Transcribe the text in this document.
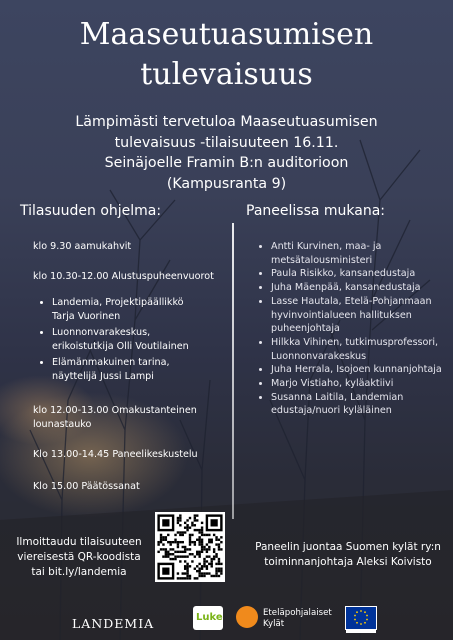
Maaseutuasumisen
tulevaisuus
Lämpimästi tervetuloa Maaseutuasumisen
tulevaisuus -tilaisuuteen 16.11.
Seinäjoelle Framin B:n auditorioon
(Kampusranta 9)
Tilasuuden ohjelma:	Paneelissa mukana:
klo 9.30 aamukahvit
klo 10.30-12.00 Alustuspuheenvuorot
• Landemia, Projektipäällikkö
Tarja Vuorinen
• Luonnonvarakeskus,
erikoistutkija Olli Voutilainen
• Elämänmakuinen tarina,
näyttelijä Jussi Lampi
klo 12.00-13.00 Omakustanteinen
lounastauko
Klo 13.00-14.45 Paneelikeskustelu
Klo 15.00 Päätössanat
• Antti Kurvinen, maa- ja metsätalousministeri
• Paula Risikko, kansanedustaja
• Juha Mäenpää, kansanedustaja
• Lasse Hautala, Etelä-Pohjanmaan hyvinvointialueen hallituksen puheenjohtaja
• Hilkka Vihinen, tutkimusprofessori, Luonnonvarakeskus
• Juha Herrala, Isojoen kunnanjohtaja
• Marjo Vistiaho, kyläaktiivi
• Susanna Laitila, Landemian edustaja/nuori kyläläinen
Ilmoittaudu tilaisuuteen
viereisestä QR-koodista
tai bit.ly/landemia
Paneelin juontaa Suomen kylät ry:n
toiminnanjohtaja Aleksi Koivisto
LANDEMIA	Luke	Eteläpohjalaiset
Kylät
